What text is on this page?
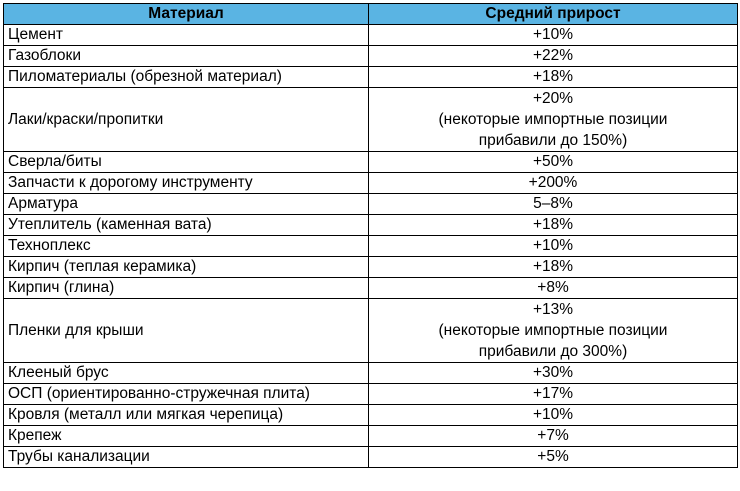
Материал	Средний прирост
Цемент	+10%

Газоблоки	+22%

Пиломатериалы (обрезной материал)	+18%

Лаки/краски/пропитки	+20%
(некоторые импортные позиции
прибавили до 150%)

Сверла/биты	+50%

Запчасти к дорогому инструменту	+200%

Арматура	5–8%

Утеплитель (каменная вата)	+18%

Техноплекс	+10%

Кирпич (теплая керамика)	+18%

Кирпич (глина)	+8%

Пленки для крыши	+13%
(некоторые импортные позиции
прибавили до 300%)

Клееный брус	+30%

ОСП (ориентированно-стружечная плита)	+17%

Кровля (металл или мягкая черепица)	+10%

Крепеж	+7%

Трубы канализации	+5%
